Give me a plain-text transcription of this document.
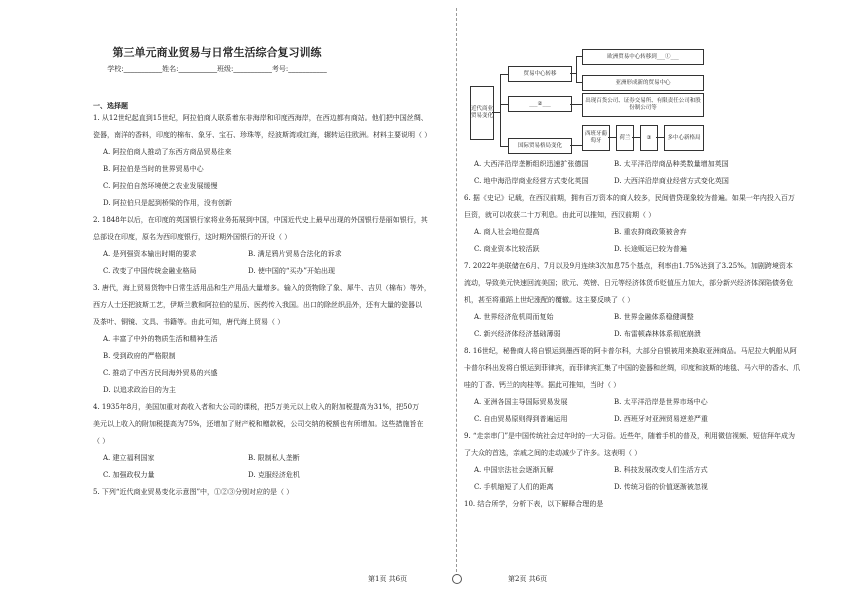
第三单元商业贸易与日常生活综合复习训练
学校:___________姓名:___________班级:___________考号:___________
一、选择题
1. 从12世纪起直到15世纪，阿拉伯商人联系着东非海岸和印度西海岸，在西边都有商站。他们把中国丝绸、
瓷器，南洋的香料，印度的棉布、象牙、宝石、珍珠等，经波斯湾或红海，辗转运往欧洲。材料主要说明（ ）
A. 阿拉伯商人推动了东西方商品贸易往来
B. 阿拉伯是当时的世界贸易中心
C. 阿拉伯自然环境使之农业发展缓慢
D. 阿拉伯只是起到桥梁的作用，没有创新
2. 1848年以后，在印度的英国银行家将业务拓展到中国，中国近代史上最早出现的外国银行是丽如银行，其
总部设在印度，原名为西印度银行，这时期外国银行的开设（ ）
A. 是列强资本输出时期的要求	B. 满足鸦片贸易合法化的诉求
C. 改变了中国传统金融业格局	D. 使中国的“买办”开始出现
3. 唐代，海上贸易货物中日常生活用品和生产用品大量增多。输入的货物除了象、犀牛、吉贝（棉布）等外，
西方人士还把波斯工艺，伊斯兰教和阿拉伯的星历、医药传入我国。出口的除丝织品外，还有大量的瓷器以
及茶叶、铜镜、文具、书籍等。由此可知，唐代海上贸易（ ）
A. 丰富了中外的物质生活和精神生活
B. 受到政府的严格限制
C. 推动了中西方民间海外贸易的兴盛
D. 以追求政治目的为主
4. 1935年8月，美国加重对高收入者和大公司的课税，把5万美元以上收入的附加税提高为31%，把50万
美元以上收入的附加税提高为75%，还增加了财产税和赠款税，公司交纳的税额也有所增加。这些措施旨在
（ ）
A. 建立福利国家	B. 限制私人垄断
C. 加强政权力量	D. 克服经济危机
5. 下列“近代商业贸易变化示意图”中，①②③分别对应的是（ ）
A. 大西洋沿岸垄断组织迅速扩张德国	B. 太平洋沿岸商品种类数量增加英国
C. 地中海沿岸商业经营方式变化英国	D. 大西洋沿岸商业经营方式变化英国
6. 据《史记》记载，在西汉前期，拥有百万资本的商人较多，民间借贷现象较为普遍。如果一年内投入百万
巨资，就可以收获二十万利息。由此可以推知，西汉前期（ ）
A. 商人社会地位提高	B. 重农抑商政策被舍弃
C. 商业资本比较活跃	D. 长途贩运已较为普遍
7. 2022年美联储在6月、7月以及9月连续3次加息75个基点，利率由1.75%达到了3.25%。加剧跨境资本
流动，导致美元快速回流美国；欧元、英镑、日元等经济体货币贬值压力加大，部分新兴经济体深陷债务危
机，甚至将重蹈上世纪涨配的覆辙。这主要反映了（ ）
A. 世界经济危机周而复始	B. 世界金融体系稳健调整
C. 新兴经济体经济基础薄弱	D. 布雷顿森林体系彻底崩溃
8. 16世纪，秘鲁商人将自银运到墨西哥的阿卡普尔科，大部分自银被用来换取亚洲商品。马尼拉大帆船从阿
卡普尔科出发将白银运到菲律宾，而菲律宾汇集了中国的瓷器和丝绸，印度和波斯的地毯、马六甲的香水、爪
哇的丁香、钙兰的肉桂等。据此可推知，当时（ ）
A. 亚洲各国主导国际贸易发展	B. 太平洋沿岸是世界市场中心
C. 自由贸易原则得到普遍运用	D. 西班牙对亚洲贸易逆差严重
9. “走亲串门”是中国传统社会过年时的一大习俗。近些年，随着手机的普及，利用微信视频、短信拜年成为
了大众的首选，亲戚之间的走动减少了许多。这表明（ ）
A. 中国宗法社会逐渐瓦解	B. 科技发展改变人们生活方式
C. 手机缩短了人们的距离	D. 传统习俗的价值逐渐被忽视
10. 结合所学，分析下表，以下解释合理的是
近代商业贸易变化
贸易中心转移
欧洲贸易中心转移到___①___
亚洲形成新的贸易中心
___②___	出现百货公司、证券交易所、有限责任公司和股份制公司等
国际贸易格局变化
西班牙葡萄牙
荷兰	③	多中心新格局
第1页 共6页	第2页 共6页
